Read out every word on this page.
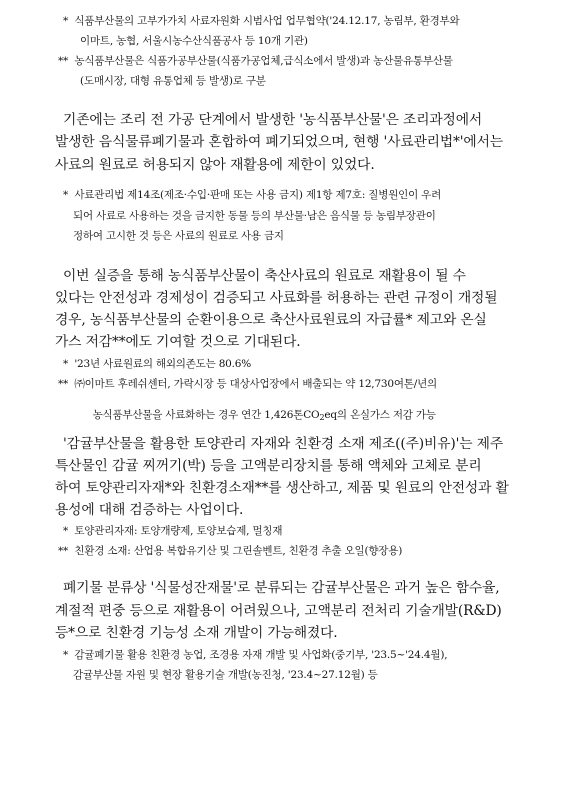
*  식품부산물의 고부가가치 사료자원화 시범사업 업무협약('24.12.17, 농림부, 환경부와
이마트, 농협, 서울시농수산식품공사 등 10개 기관)
**  농식품부산물은 식품가공부산물(식품가공업체,급식소에서 발생)과 농산물유통부산물
(도매시장, 대형 유통업체 등 발생)로 구분
기존에는 조리 전 가공 단계에서 발생한 '농식품부산물'은 조리과정에서
발생한 음식물류폐기물과 혼합하여 폐기되었으며, 현행 '사료관리법*'에서는
사료의 원료로 허용되지 않아 재활용에 제한이 있었다.
*  사료관리법 제14조(제조·수입·판매 또는 사용 금지) 제1항 제7호: 질병원인이 우려
되어 사료로 사용하는 것을 금지한 동물 등의 부산물·남은 음식물 등 농림부장관이
정하여 고시한 것 등은 사료의 원료로 사용 금지
이번 실증을 통해 농식품부산물이 축산사료의 원료로 재활용이 될 수
있다는 안전성과 경제성이 검증되고 사료화를 허용하는 관련 규정이 개정될
경우, 농식품부산물의 순환이용으로 축산사료원료의 자급률* 제고와 온실
가스 저감**에도 기여할 것으로 기대된다.
*  '23년 사료원료의 해외의존도는 80.6%
**  ㈜이마트 후레쉬센터, 가락시장 등 대상사업장에서 배출되는 약 12,730여톤/년의

농식품부산물을 사료화하는 경우 연간 1,426톤$CO_2eq$의 온실가스 저감 가능

'감귤부산물을 활용한 토양관리 자재와 친환경 소재 제조((주)비유)'는 제주
특산물인 감귤 찌꺼기(박) 등을 고액분리장치를 통해 액체와 고체로 분리
하여 토양관리자재*와 친환경소재**를 생산하고, 제품 및 원료의 안전성과 활
용성에 대해 검증하는 사업이다.
*  토양관리자재: 토양개량제, 토양보습제, 멀칭재
**  친환경 소재: 산업용 복합유기산 및 그린솔벤트, 친환경 추출 오일(향장용)
폐기물 분류상 '식물성잔재물'로 분류되는 감귤부산물은 과거 높은 함수율,
계절적 편중 등으로 재활용이 어려웠으나, 고액분리 전처리 기술개발(R&D)
등*으로 친환경 기능성 소재 개발이 가능해졌다.
*  감귤폐기물 활용 친환경 농업, 조경용 자재 개발 및 사업화(중기부, '23.5~'24.4월),
감귤부산물 자원 및 현장 활용기술 개발(농진청, '23.4~27.12월) 등
